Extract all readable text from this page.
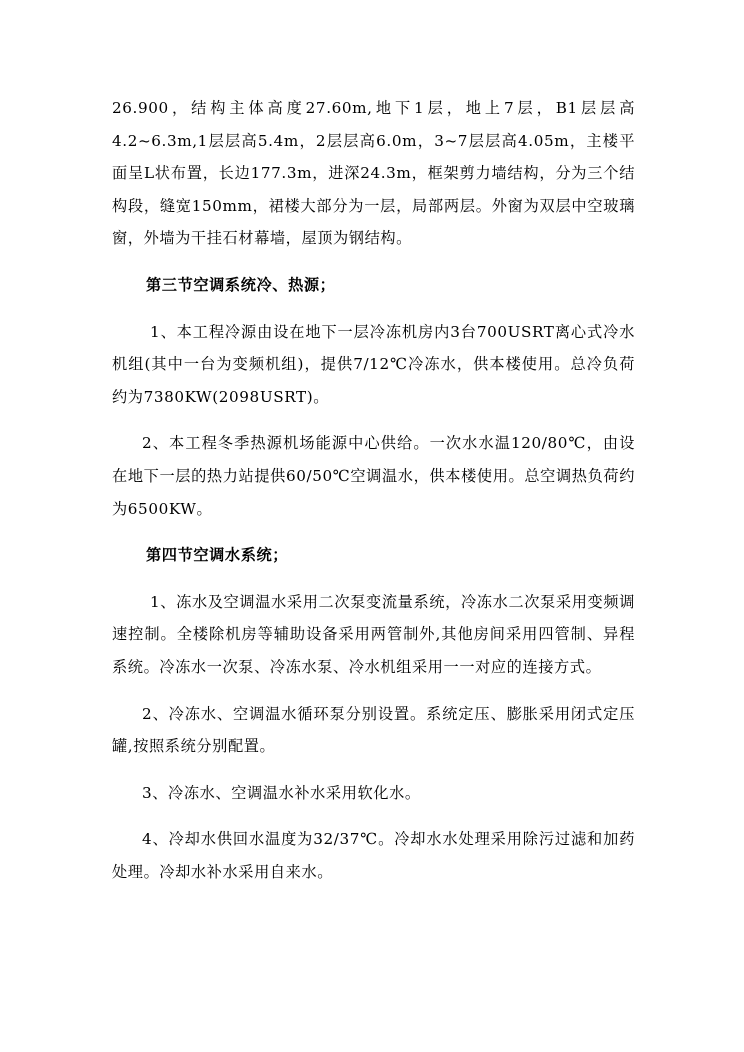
26.900，结构主体高度27.60m,地下1层，地上7层，B1层层高4.2~6.3m,1层层高5.4m，2层层高6.0m，3~7层层高4.05m，主楼平面呈L状布置，长边177.3m，进深24.3m，框架剪力墙结构，分为三个结构段，缝宽150mm，裙楼大部分为一层，局部两层。外窗为双层中空玻璃窗，外墙为干挂石材幕墙，屋顶为钢结构。

第三节空调系统冷、热源；

1、本工程冷源由设在地下一层冷冻机房内3台700USRT离心式冷水机组(其中一台为变频机组)，提供7/12℃冷冻水，供本楼使用。总冷负荷约为7380KW(2098USRT)。

2、本工程冬季热源机场能源中心供给。一次水水温120/80℃，由设在地下一层的热力站提供60/50℃空调温水，供本楼使用。总空调热负荷约为6500KW。

第四节空调水系统；

1、冻水及空调温水采用二次泵变流量系统，冷冻水二次泵采用变频调速控制。全楼除机房等辅助设备采用两管制外,其他房间采用四管制、异程系统。冷冻水一次泵、冷冻水泵、冷水机组采用一一对应的连接方式。

2、冷冻水、空调温水循环泵分别设置。系统定压、膨胀采用闭式定压罐,按照系统分别配置。

3、冷冻水、空调温水补水采用软化水。

4、冷却水供回水温度为32/37℃。冷却水水处理采用除污过滤和加药处理。冷却水补水采用自来水。
